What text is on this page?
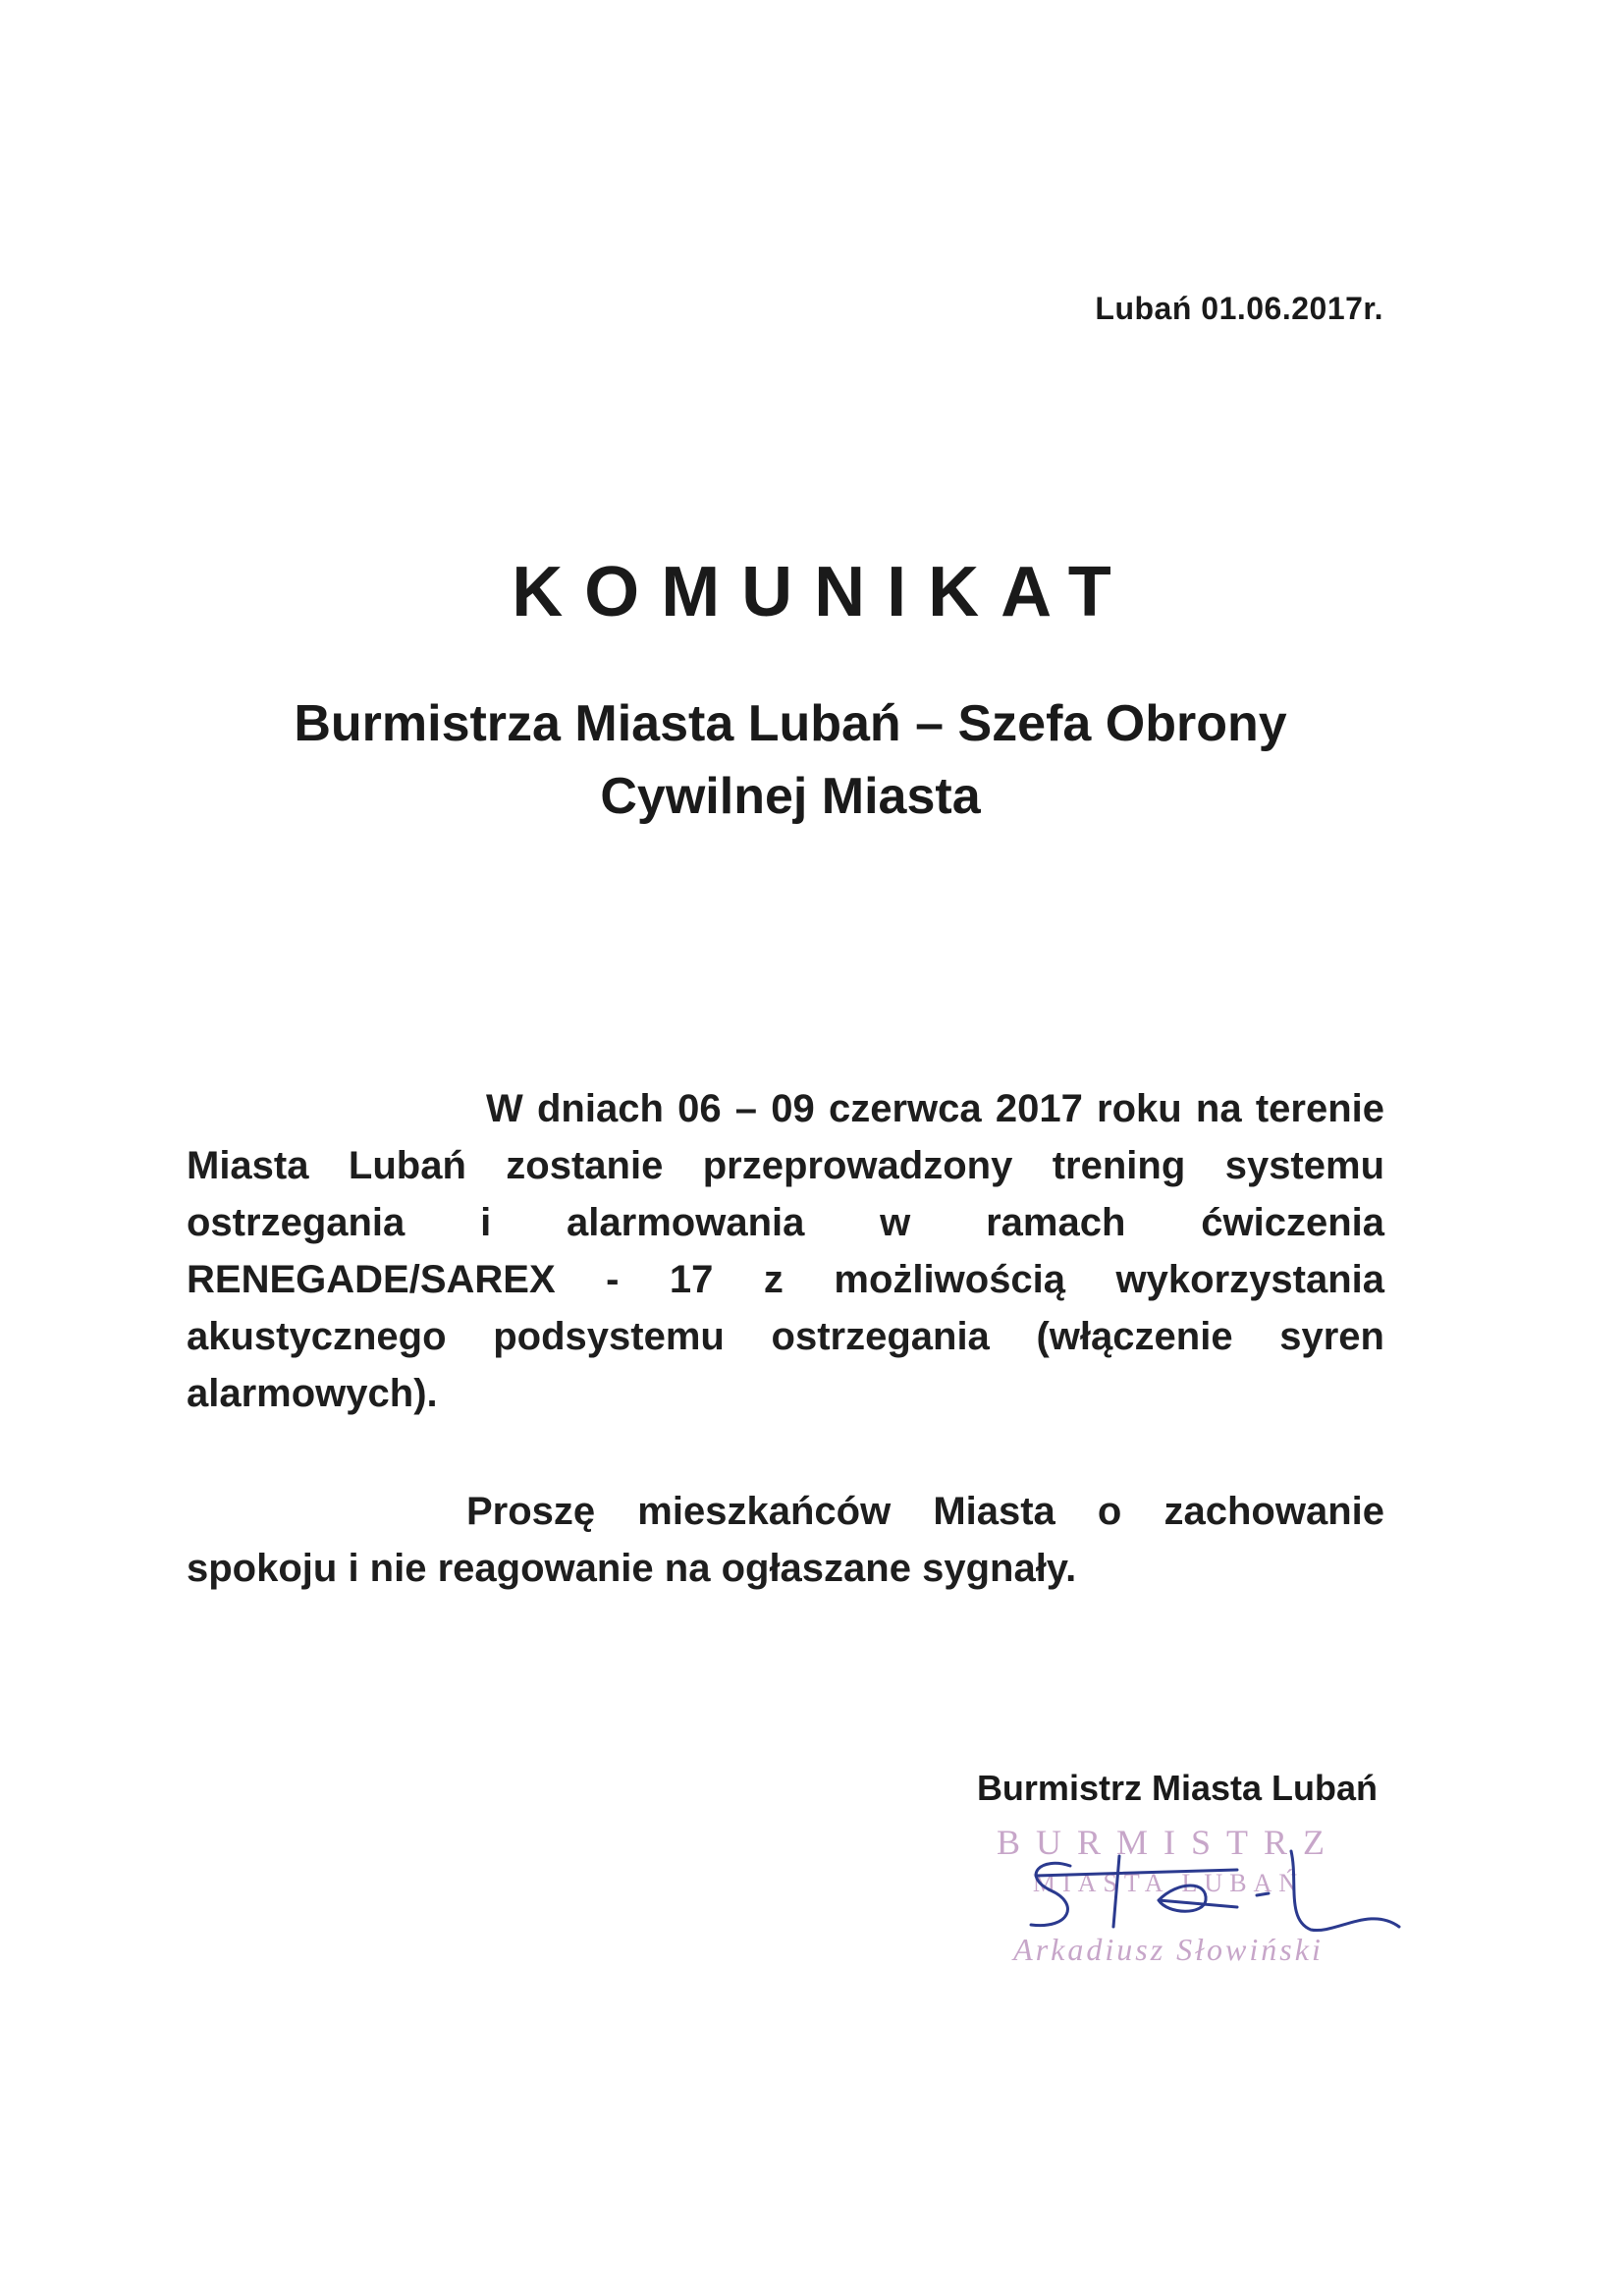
Lubań 01.06.2017r.
KOMUNIKAT
Burmistrza Miasta Lubań – Szefa Obrony
Cywilnej Miasta

W dniach 06 – 09 czerwca 2017 roku na terenie Miasta Lubań zostanie przeprowadzony trening systemu ostrzegania i alarmowania w ramach ćwiczenia RENEGADE/SAREX - 17 z możliwością wykorzystania akustycznego podsystemu ostrzegania (włączenie syren alarmowych).

Proszę mieszkańców Miasta o zachowanie spokoju i nie reagowanie na ogłaszane sygnały.

Burmistrz Miasta Lubań
BURMISTRZ
MIASTA LUBAŃ
Arkadiusz Słowiński
